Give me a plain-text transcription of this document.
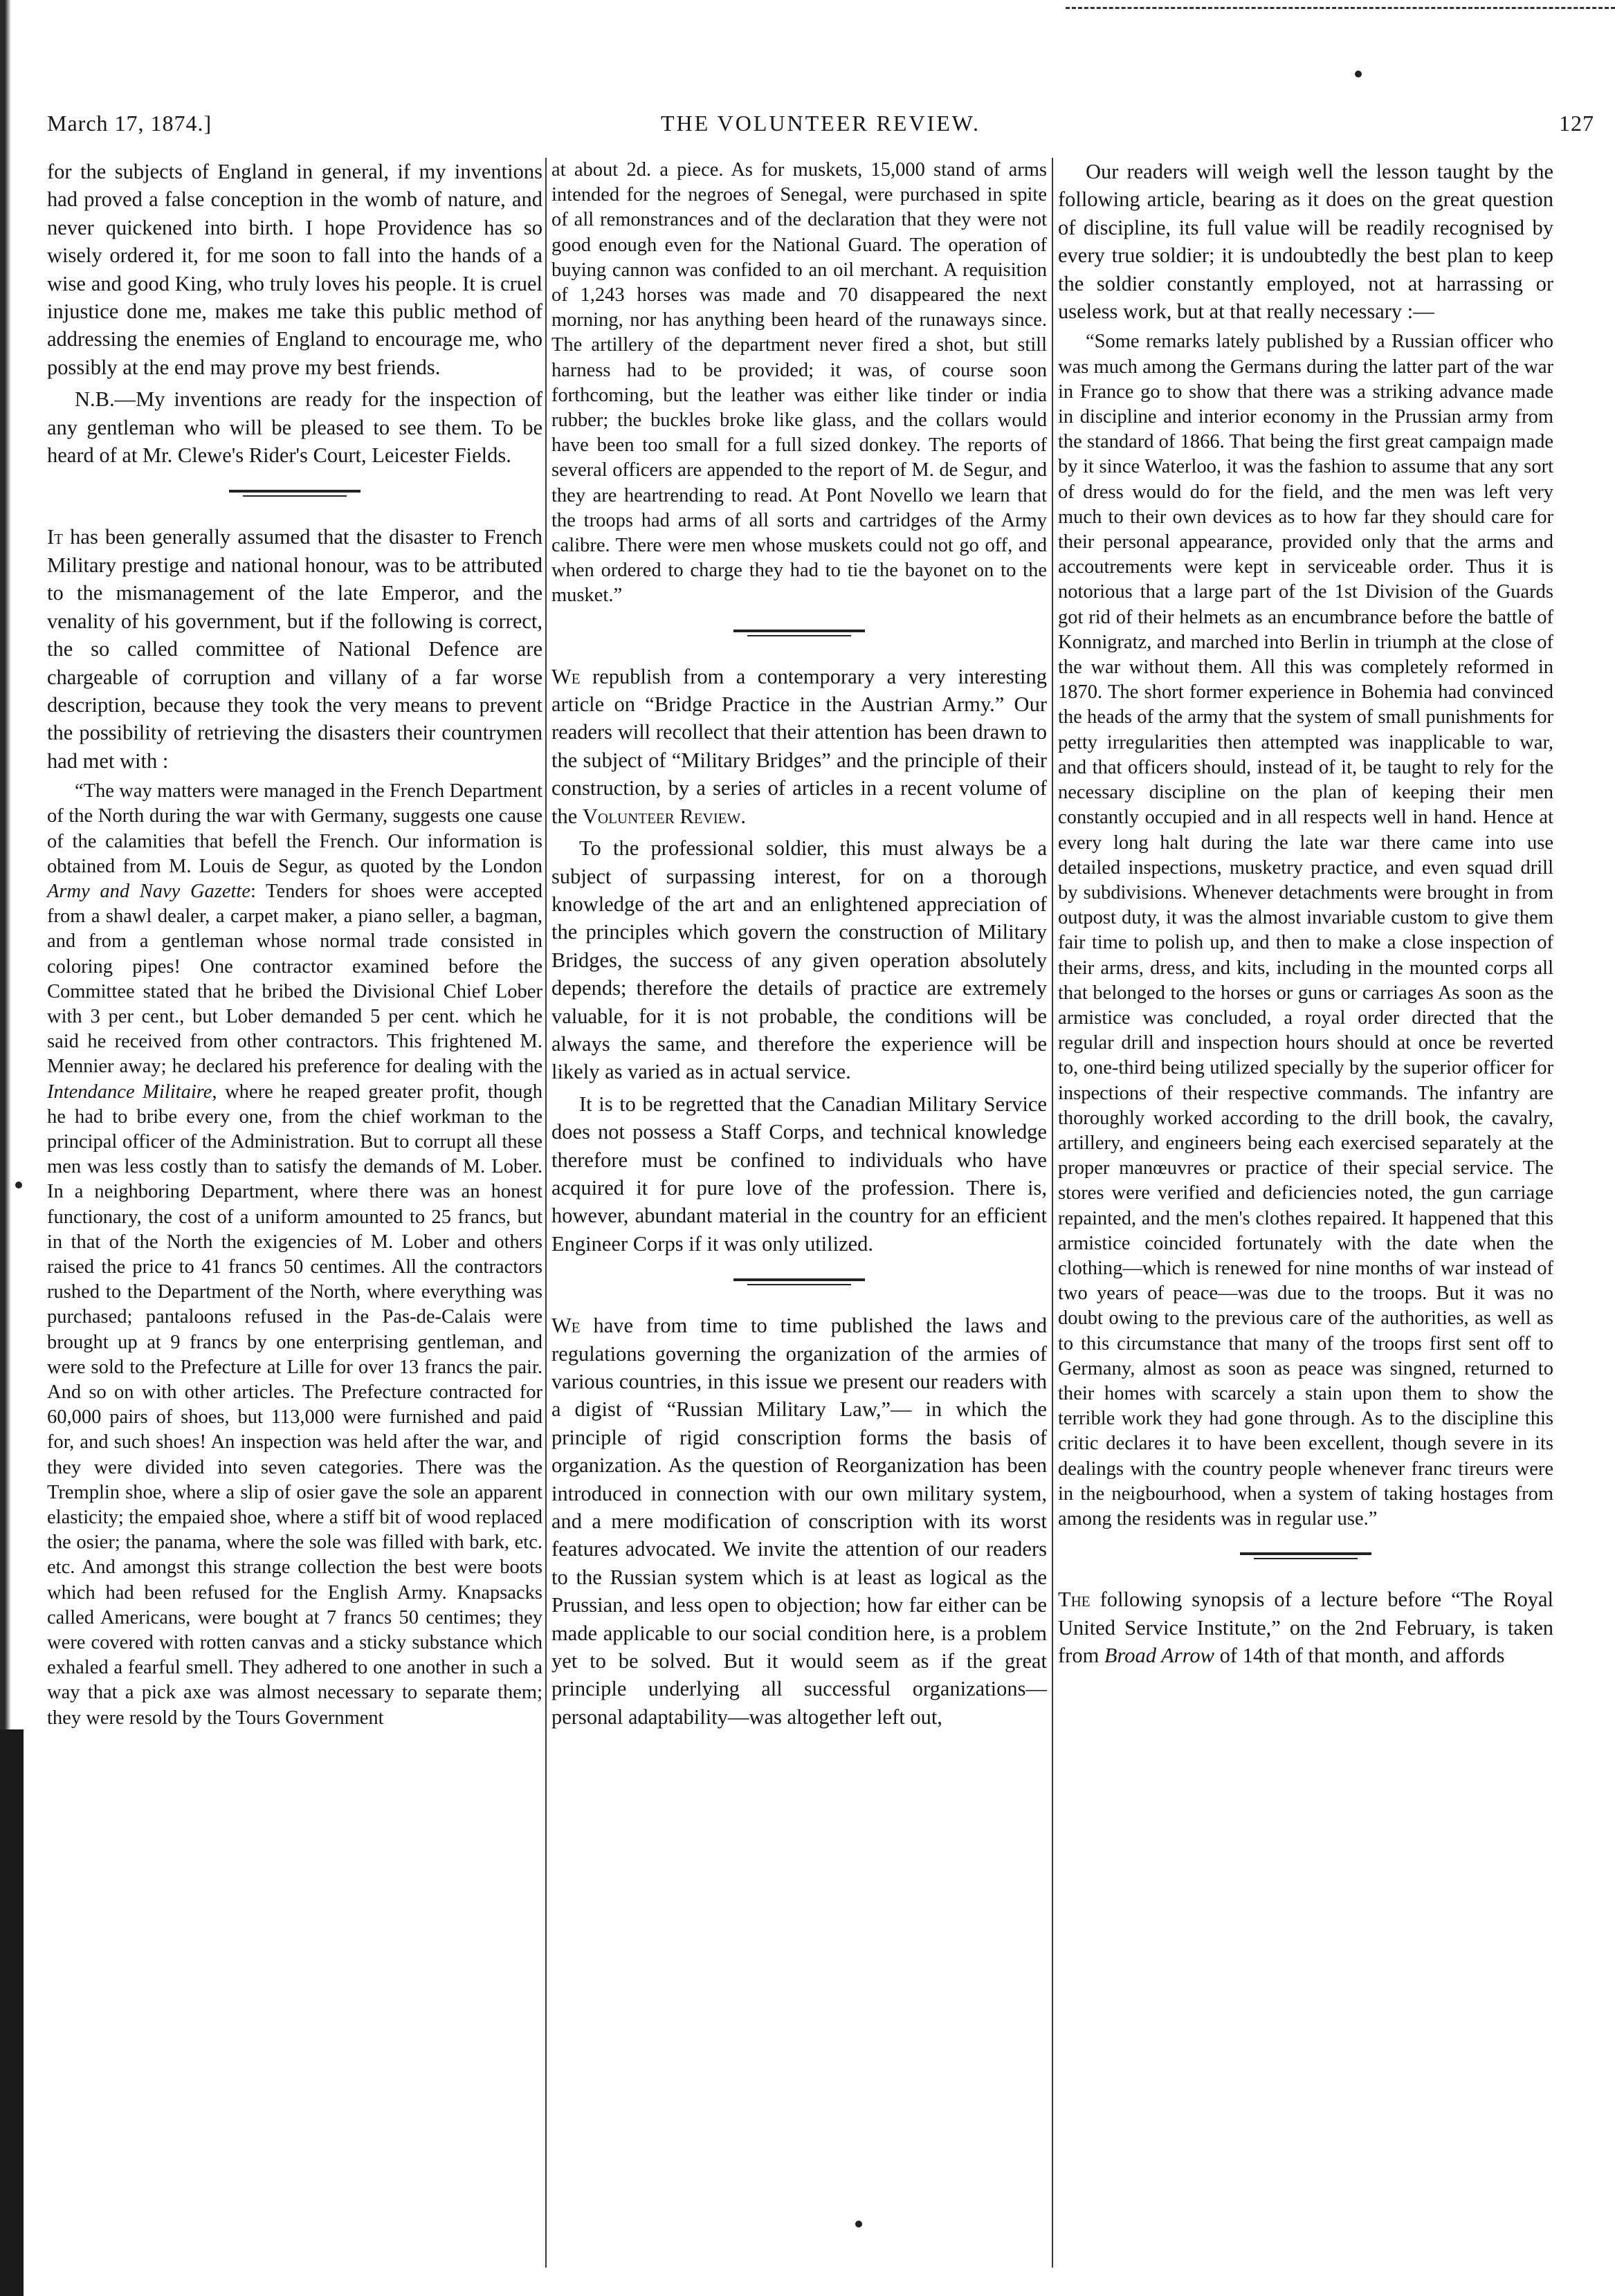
March 17, 1874.]	THE VOLUNTEER REVIEW.	127

for the subjects of England in general, if my inventions had proved a false conception in the womb of nature, and never quickened into birth. I hope Providence has so wisely ordered it, for me soon to fall into the hands of a wise and good King, who truly loves his people. It is cruel injustice done me, makes me take this public method of addressing the enemies of England to encourage me, who possibly at the end may prove my best friends.

N.B.—My inventions are ready for the inspection of any gentleman who will be pleased to see them. To be heard of at Mr. Clewe's Rider's Court, Leicester Fields.

It has been generally assumed that the disaster to French Military prestige and national honour, was to be attributed to the mismanagement of the late Emperor, and the venality of his government, but if the following is correct, the so called committee of National Defence are chargeable of corruption and villany of a far worse description, because they took the very means to prevent the possibility of retrieving the disasters their countrymen had met with :

“The way matters were managed in the French Department of the North during the war with Germany, suggests one cause of the calamities that befell the French. Our information is obtained from M. Louis de Segur, as quoted by the London Army and Navy Gazette: Tenders for shoes were accepted from a shawl dealer, a carpet maker, a piano seller, a bagman, and from a gentleman whose normal trade consisted in coloring pipes! One contractor examined before the Committee stated that he bribed the Divisional Chief Lober with 3 per cent., but Lober demanded 5 per cent. which he said he received from other contractors. This frightened M. Mennier away; he declared his preference for dealing with the Intendance Militaire, where he reaped greater profit, though he had to bribe every one, from the chief workman to the principal officer of the Administration. But to corrupt all these men was less costly than to satisfy the demands of M. Lober. In a neighboring Department, where there was an honest functionary, the cost of a uniform amounted to 25 francs, but in that of the North the exigencies of M. Lober and others raised the price to 41 francs 50 centimes. All the contractors rushed to the Department of the North, where everything was purchased; pantaloons refused in the Pas-de-Calais were brought up at 9 francs by one enterprising gentleman, and were sold to the Prefecture at Lille for over 13 francs the pair. And so on with other articles. The Prefecture contracted for 60,000 pairs of shoes, but 113,000 were furnished and paid for, and such shoes! An inspection was held after the war, and they were divided into seven categories. There was the Tremplin shoe, where a slip of osier gave the sole an apparent elasticity; the empaied shoe, where a stiff bit of wood replaced the osier; the panama, where the sole was filled with bark, etc. etc. And amongst this strange collection the best were boots which had been refused for the English Army. Knapsacks called Americans, were bought at 7 francs 50 centimes; they were covered with rotten canvas and a sticky substance which exhaled a fearful smell. They adhered to one another in such a way that a pick axe was almost necessary to separate them; they were resold by the Tours Government

at about 2d. a piece. As for muskets, 15,000 stand of arms intended for the negroes of Senegal, were purchased in spite of all remonstrances and of the declaration that they were not good enough even for the National Guard. The operation of buying cannon was confided to an oil merchant. A requisition of 1,243 horses was made and 70 disappeared the next morning, nor has anything been heard of the runaways since. The artillery of the department never fired a shot, but still harness had to be provided; it was, of course soon forthcoming, but the leather was either like tinder or india rubber; the buckles broke like glass, and the collars would have been too small for a full sized donkey. The reports of several officers are appended to the report of M. de Segur, and they are heartrending to read. At Pont Novello we learn that the troops had arms of all sorts and cartridges of the Army calibre. There were men whose muskets could not go off, and when ordered to charge they had to tie the bayonet on to the musket.”

We republish from a contemporary a very interesting article on “Bridge Practice in the Austrian Army.” Our readers will recollect that their attention has been drawn to the subject of “Military Bridges” and the principle of their construction, by a series of articles in a recent volume of the Volunteer Review.

To the professional soldier, this must always be a subject of surpassing interest, for on a thorough knowledge of the art and an enlightened appreciation of the principles which govern the construction of Military Bridges, the success of any given operation absolutely depends; therefore the details of practice are extremely valuable, for it is not probable, the conditions will be always the same, and therefore the experience will be likely as varied as in actual service.

It is to be regretted that the Canadian Military Service does not possess a Staff Corps, and technical knowledge therefore must be confined to individuals who have acquired it for pure love of the profession. There is, however, abundant material in the country for an efficient Engineer Corps if it was only utilized.

We have from time to time published the laws and regulations governing the organization of the armies of various countries, in this issue we present our readers with a digist of “Russian Military Law,”— in which the principle of rigid conscription forms the basis of organization. As the question of Reorganization has been introduced in connection with our own military system, and a mere modification of conscription with its worst features advocated. We invite the attention of our readers to the Russian system which is at least as logical as the Prussian, and less open to objection; how far either can be made applicable to our social condition here, is a problem yet to be solved. But it would seem as if the great principle underlying all successful organizations—personal adaptability—was altogether left out,

Our readers will weigh well the lesson taught by the following article, bearing as it does on the great question of discipline, its full value will be readily recognised by every true soldier; it is undoubtedly the best plan to keep the soldier constantly employed, not at harrassing or useless work, but at that really necessary :—

“Some remarks lately published by a Russian officer who was much among the Germans during the latter part of the war in France go to show that there was a striking advance made in discipline and interior economy in the Prussian army from the standard of 1866. That being the first great campaign made by it since Waterloo, it was the fashion to assume that any sort of dress would do for the field, and the men was left very much to their own devices as to how far they should care for their personal appearance, provided only that the arms and accoutrements were kept in serviceable order. Thus it is notorious that a large part of the 1st Division of the Guards got rid of their helmets as an encumbrance before the battle of Konnigratz, and marched into Berlin in triumph at the close of the war without them. All this was completely reformed in 1870. The short former experience in Bohemia had convinced the heads of the army that the system of small punishments for petty irregularities then attempted was inapplicable to war, and that officers should, instead of it, be taught to rely for the necessary discipline on the plan of keeping their men constantly occupied and in all respects well in hand. Hence at every long halt during the late war there came into use detailed inspections, musketry practice, and even squad drill by subdivisions. Whenever detachments were brought in from outpost duty, it was the almost invariable custom to give them fair time to polish up, and then to make a close inspection of their arms, dress, and kits, including in the mounted corps all that belonged to the horses or guns or carriages As soon as the armistice was concluded, a royal order directed that the regular drill and inspection hours should at once be reverted to, one-third being utilized specially by the superior officer for inspections of their respective commands. The infantry are thoroughly worked according to the drill book, the cavalry, artillery, and engineers being each exercised separately at the proper manœuvres or practice of their special service. The stores were verified and deficiencies noted, the gun carriage repainted, and the men's clothes repaired. It happened that this armistice coincided fortunately with the date when the clothing—which is renewed for nine months of war instead of two years of peace—was due to the troops. But it was no doubt owing to the previous care of the authorities, as well as to this circumstance that many of the troops first sent off to Germany, almost as soon as peace was singned, returned to their homes with scarcely a stain upon them to show the terrible work they had gone through. As to the discipline this critic declares it to have been excellent, though severe in its dealings with the country people whenever franc tireurs were in the neigbourhood, when a system of taking hostages from among the residents was in regular use.”

The following synopsis of a lecture before “The Royal United Service Institute,” on the 2nd February, is taken from Broad Arrow of 14th of that month, and affords
